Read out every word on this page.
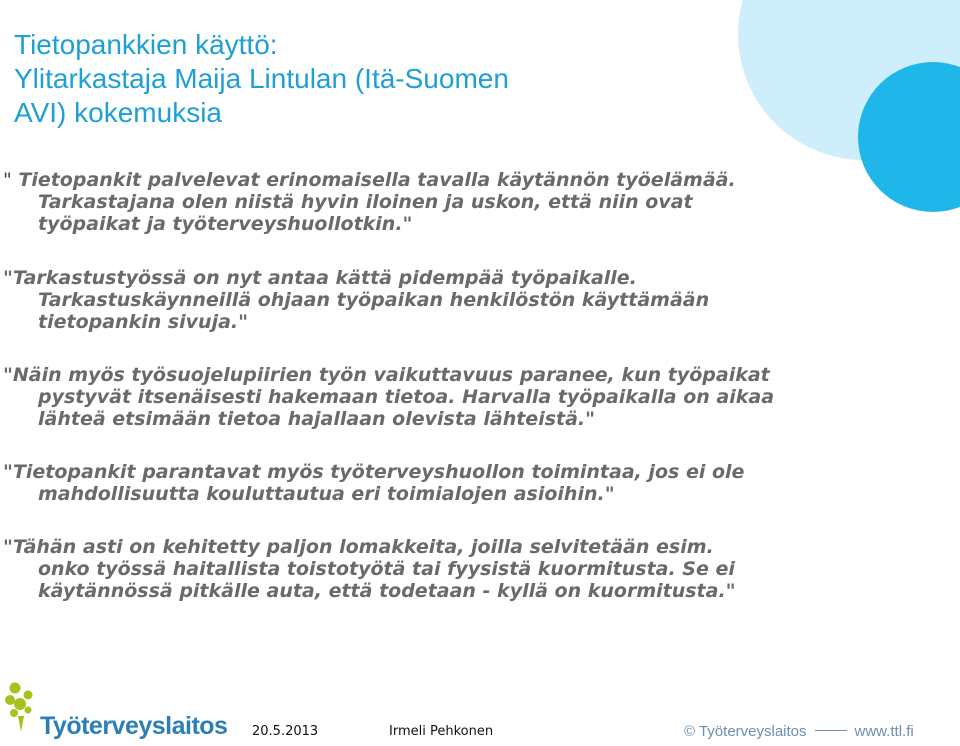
Tietopankkien käyttö:
Ylitarkastaja Maija Lintulan (Itä-Suomen
AVI) kokemuksia
" Tietopankit palvelevat erinomaisella tavalla käytännön työelämää.
Tarkastajana olen niistä hyvin iloinen ja uskon, että niin ovat
työpaikat ja työterveyshuollotkin."
"Tarkastustyössä on nyt antaa kättä pidempää työpaikalle.
Tarkastuskäynneillä ohjaan työpaikan henkilöstön käyttämään
tietopankin sivuja."
"Näin myös työsuojelupiirien työn vaikuttavuus paranee, kun työpaikat
pystyvät itsenäisesti hakemaan tietoa. Harvalla työpaikalla on aikaa
lähteä etsimään tietoa hajallaan olevista lähteistä."
"Tietopankit parantavat myös työterveyshuollon toimintaa, jos ei ole
mahdollisuutta kouluttautua eri toimialojen asioihin."
"Tähän asti on kehitetty paljon lomakkeita, joilla selvitetään esim.
onko työssä haitallista toistotyötä tai fyysistä kuormitusta. Se ei
käytännössä pitkälle auta, että todetaan - kyllä on kuormitusta."
Työterveyslaitos 20.5.2013	Irmeli Pehkonen	© Työterveyslaitos	www.ttl.fi
